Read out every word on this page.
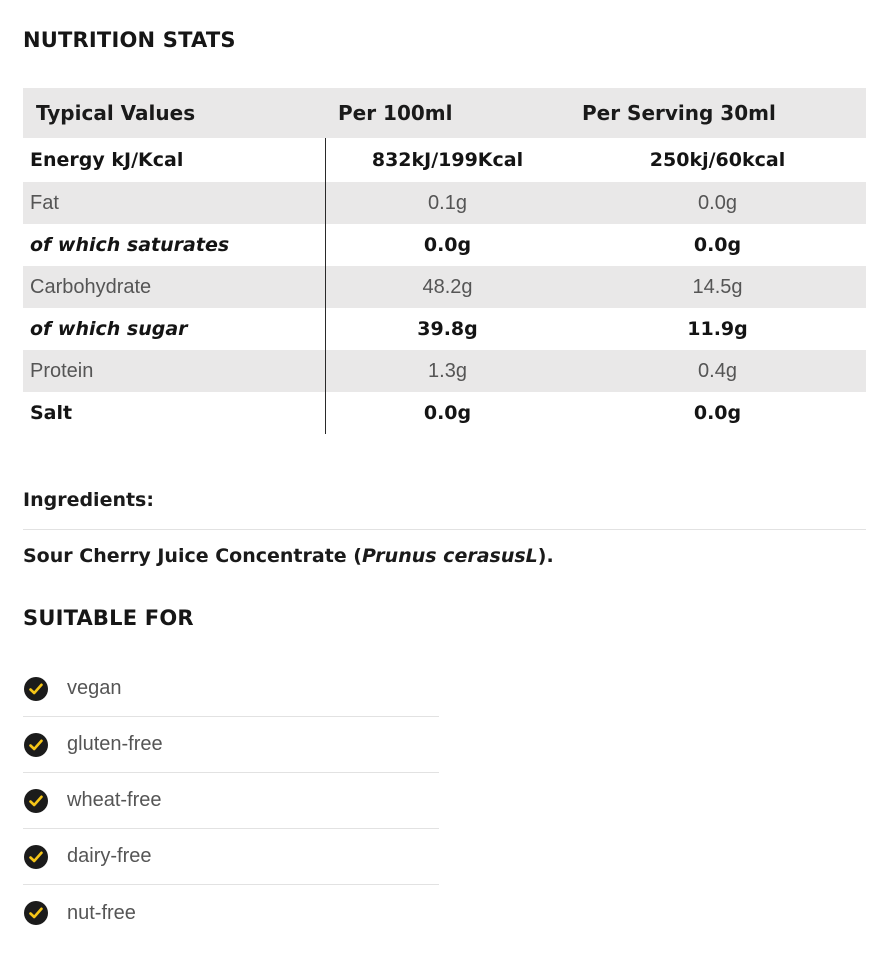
NUTRITION STATS
Typical Values	Per 100ml	Per Serving 30ml
Energy kJ/Kcal	832kJ/199Kcal	250kj/60kcal
Fat	0.1g	0.0g
of which saturates	0.0g	0.0g
Carbohydrate	48.2g	14.5g
of which sugar	39.8g	11.9g
Protein	1.3g	0.4g
Salt	0.0g	0.0g
Ingredients:
Sour Cherry Juice Concentrate (Prunus cerasusL).
SUITABLE FOR
vegan
gluten-free
wheat-free
dairy-free
nut-free
